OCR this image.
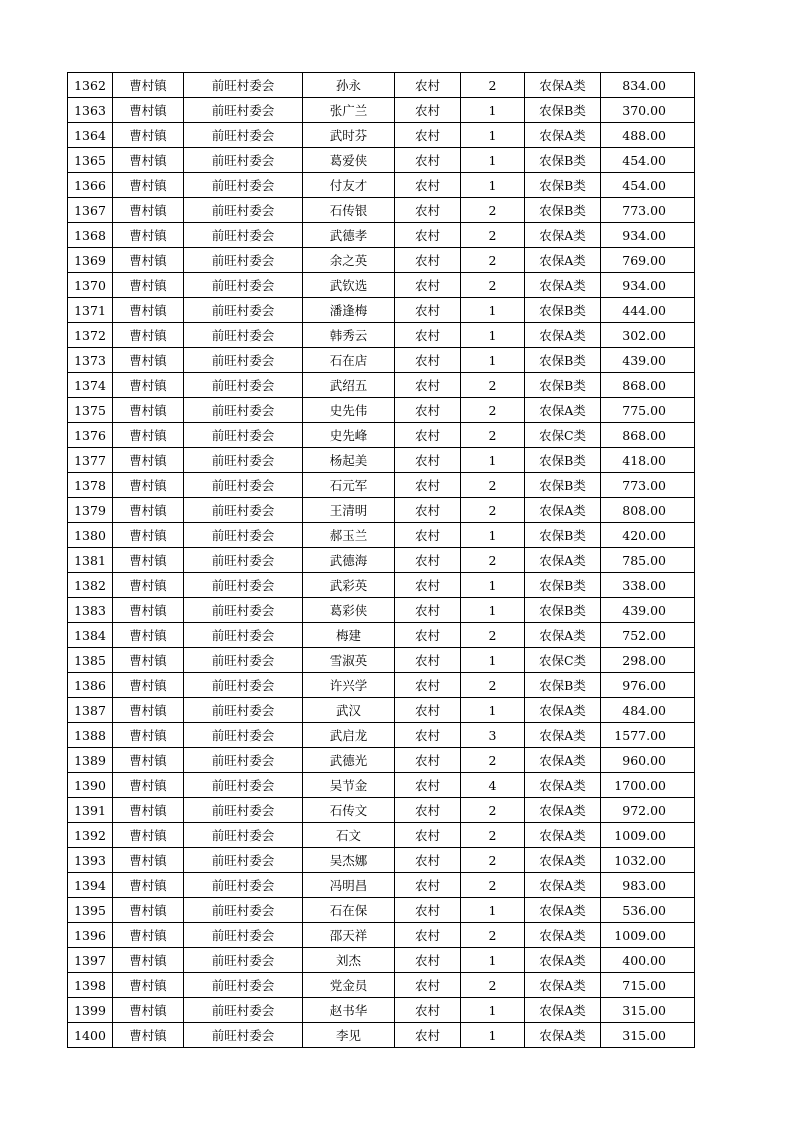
1362	曹村镇	前旺村委会	孙永	农村	2	农保A类	834.00
1363	曹村镇	前旺村委会	张广兰	农村	1	农保B类	370.00
1364	曹村镇	前旺村委会	武时芬	农村	1	农保A类	488.00
1365	曹村镇	前旺村委会	葛爱侠	农村	1	农保B类	454.00
1366	曹村镇	前旺村委会	付友才	农村	1	农保B类	454.00
1367	曹村镇	前旺村委会	石传银	农村	2	农保B类	773.00
1368	曹村镇	前旺村委会	武德孝	农村	2	农保A类	934.00
1369	曹村镇	前旺村委会	余之英	农村	2	农保A类	769.00
1370	曹村镇	前旺村委会	武钦选	农村	2	农保A类	934.00
1371	曹村镇	前旺村委会	潘逢梅	农村	1	农保B类	444.00
1372	曹村镇	前旺村委会	韩秀云	农村	1	农保A类	302.00
1373	曹村镇	前旺村委会	石在店	农村	1	农保B类	439.00
1374	曹村镇	前旺村委会	武绍五	农村	2	农保B类	868.00
1375	曹村镇	前旺村委会	史先伟	农村	2	农保A类	775.00
1376	曹村镇	前旺村委会	史先峰	农村	2	农保C类	868.00
1377	曹村镇	前旺村委会	杨起美	农村	1	农保B类	418.00
1378	曹村镇	前旺村委会	石元军	农村	2	农保B类	773.00
1379	曹村镇	前旺村委会	王清明	农村	2	农保A类	808.00
1380	曹村镇	前旺村委会	郝玉兰	农村	1	农保B类	420.00
1381	曹村镇	前旺村委会	武德海	农村	2	农保A类	785.00
1382	曹村镇	前旺村委会	武彩英	农村	1	农保B类	338.00
1383	曹村镇	前旺村委会	葛彩侠	农村	1	农保B类	439.00
1384	曹村镇	前旺村委会	梅建	农村	2	农保A类	752.00
1385	曹村镇	前旺村委会	雪淑英	农村	1	农保C类	298.00
1386	曹村镇	前旺村委会	许兴学	农村	2	农保B类	976.00
1387	曹村镇	前旺村委会	武汉	农村	1	农保A类	484.00
1388	曹村镇	前旺村委会	武启龙	农村	3	农保A类	1577.00
1389	曹村镇	前旺村委会	武德光	农村	2	农保A类	960.00
1390	曹村镇	前旺村委会	吴节金	农村	4	农保A类	1700.00
1391	曹村镇	前旺村委会	石传文	农村	2	农保A类	972.00
1392	曹村镇	前旺村委会	石文	农村	2	农保A类	1009.00
1393	曹村镇	前旺村委会	吴杰娜	农村	2	农保A类	1032.00
1394	曹村镇	前旺村委会	冯明昌	农村	2	农保A类	983.00
1395	曹村镇	前旺村委会	石在保	农村	1	农保A类	536.00
1396	曹村镇	前旺村委会	邵天祥	农村	2	农保A类	1009.00
1397	曹村镇	前旺村委会	刘杰	农村	1	农保A类	400.00
1398	曹村镇	前旺村委会	党金员	农村	2	农保A类	715.00
1399	曹村镇	前旺村委会	赵书华	农村	1	农保A类	315.00
1400	曹村镇	前旺村委会	李见	农村	1	农保A类	315.00
